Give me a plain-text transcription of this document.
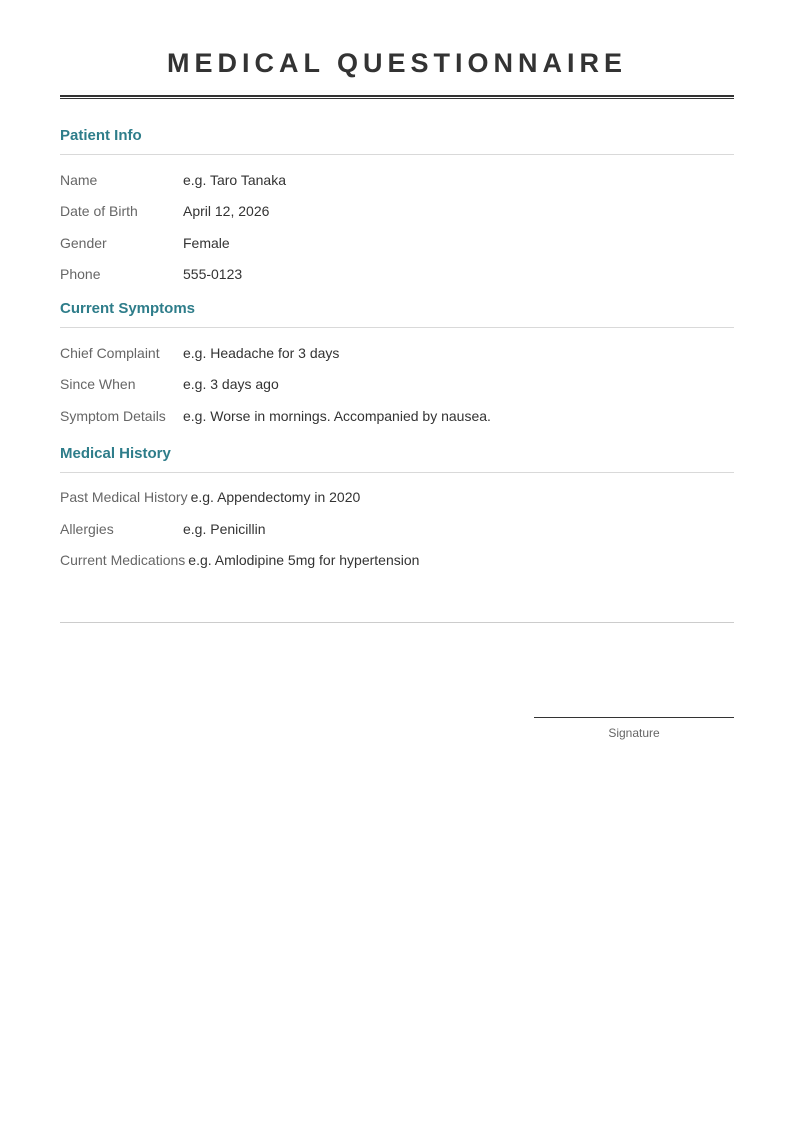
MEDICAL QUESTIONNAIRE
Patient Info
Name	e.g. Taro Tanaka
Date of Birth	April 12, 2026
Gender	Female
Phone	555-0123
Current Symptoms
Chief Complaint	e.g. Headache for 3 days
Since When	e.g. 3 days ago
Symptom Details	e.g. Worse in mornings. Accompanied by nausea.
Medical History
Past Medical History e.g. Appendectomy in 2020
Allergies	e.g. Penicillin
Current Medications e.g. Amlodipine 5mg for hypertension
Signature
